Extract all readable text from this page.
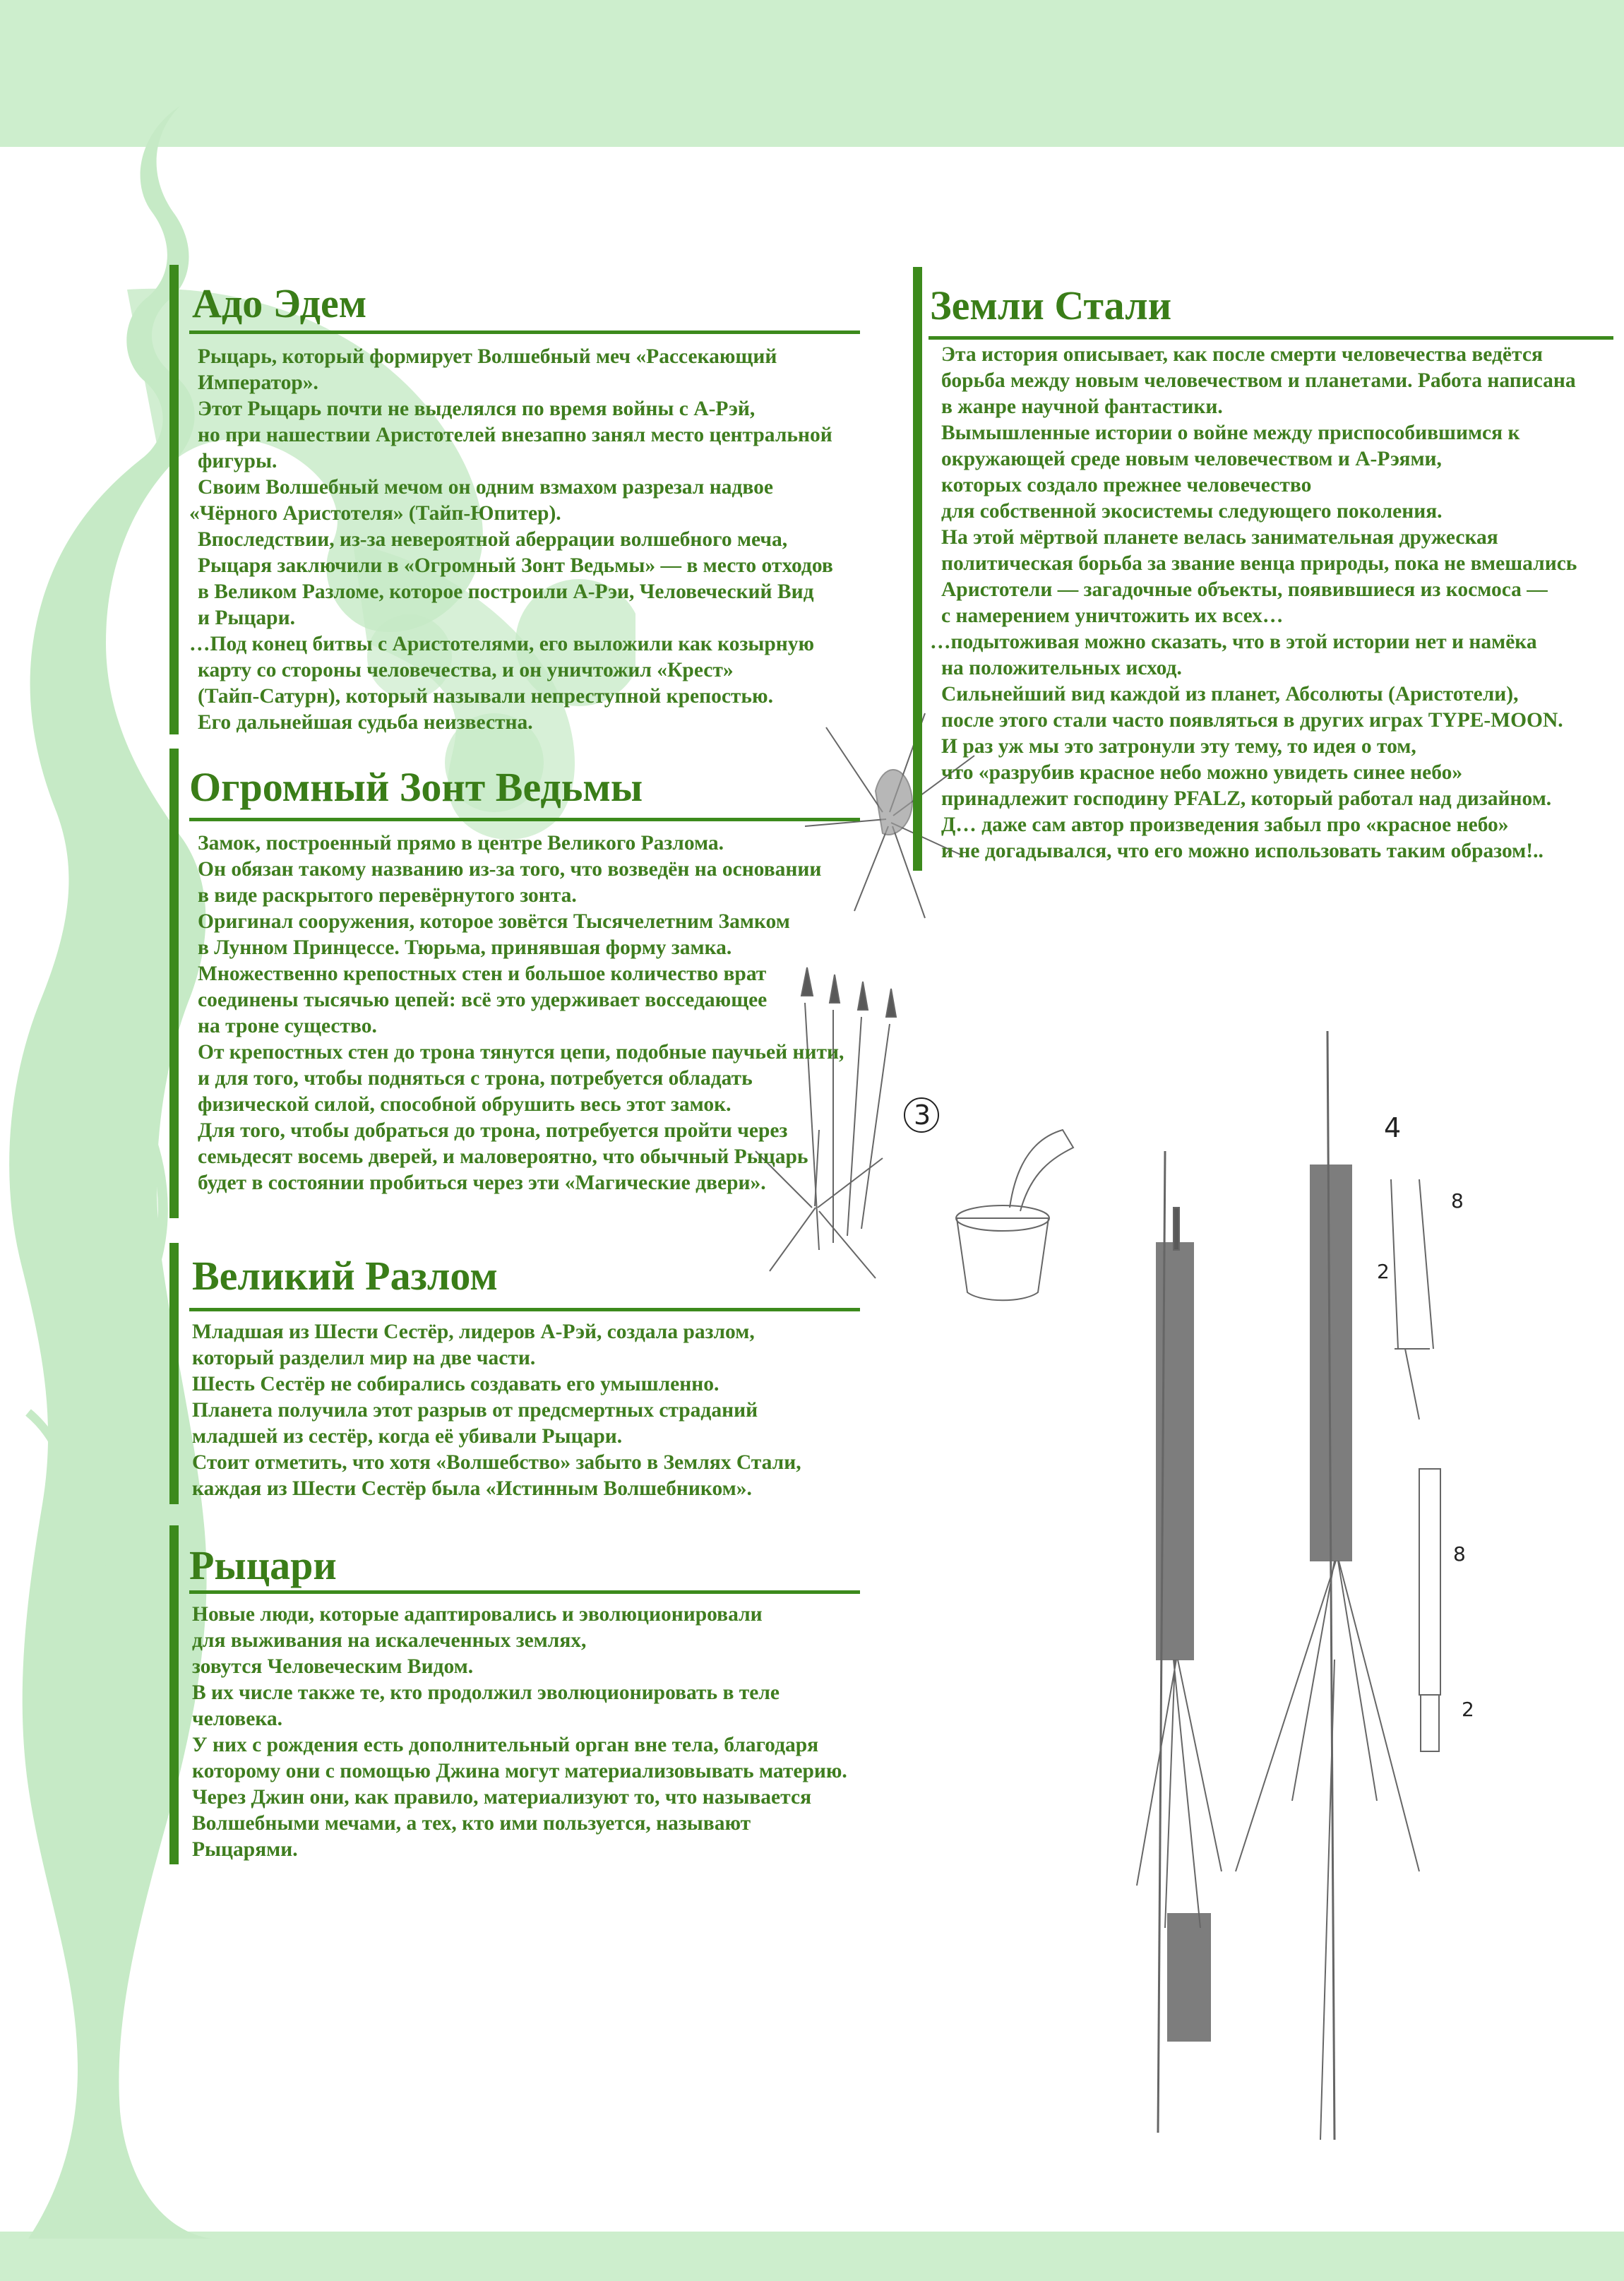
3	4
8
2
8
2
Адо Эдем
Рыцарь, который формирует Волшебный меч «Рассекающий
Император».
Этот Рыцарь почти не выделялся по время войны с А-Рэй,
но при нашествии Аристотелей внезапно занял место центральной
фигуры.
Своим Волшебный мечом он одним взмахом разрезал надвое
«Чёрного Аристотеля» (Тайп-Юпитер).
Впоследствии, из-за невероятной аберрации волшебного меча,
Рыцаря заключили в «Огромный Зонт Ведьмы» — в место отходов
в Великом Разломе, которое построили А-Рэи, Человеческий Вид
и Рыцари.
…Под конец битвы с Аристотелями, его выложили как козырную
карту со стороны человечества, и он уничтожил «Крест»
(Тайп-Сатурн), который называли непреступной крепостью.
Его дальнейшая судьба неизвестна.
Огромный Зонт Ведьмы
Замок, построенный прямо в центре Великого Разлома.
Он обязан такому названию из-за того, что возведён на основании
в виде раскрытого перевёрнутого зонта.
Оригинал сооружения, которое зовётся Тысячелетним Замком
в Лунном Принцессе. Тюрьма, принявшая форму замка.
Множественно крепостных стен и большое количество врат
соединены тысячью цепей: всё это удерживает восседающее
на троне существо.
От крепостных стен до трона тянутся цепи, подобные паучьей нити,
и для того, чтобы подняться с трона, потребуется обладать
физической силой, способной обрушить весь этот замок.
Для того, чтобы добраться до трона, потребуется пройти через
семьдесят восемь дверей, и маловероятно, что обычный Рыцарь
будет в состоянии пробиться через эти «Магические двери».
Великий Разлом
Младшая из Шести Сестёр, лидеров А-Рэй, создала разлом,
который разделил мир на две части.
Шесть Сестёр не собирались создавать его умышленно.
Планета получила этот разрыв от предсмертных страданий
младшей из сестёр, когда её убивали Рыцари.
Стоит отметить, что хотя «Волшебство» забыто в Землях Стали,
каждая из Шести Сестёр была «Истинным Волшебником».
Рыцари
Новые люди, которые адаптировались и эволюционировали
для выживания на искалеченных землях,
зовутся Человеческим Видом.
В их числе также те, кто продолжил эволюционировать в теле
человека.
У них с рождения есть дополнительный орган вне тела, благодаря
которому они с помощью Джина могут материализовывать материю.
Через Джин они, как правило, материализуют то, что называется
Волшебными мечами, а тех, кто ими пользуется, называют
Рыцарями.
Земли Стали
Эта история описывает, как после смерти человечества ведётся
борьба между новым человечеством и планетами. Работа написана
в жанре научной фантастики.
Вымышленные истории о войне между приспособившимся к
окружающей среде новым человечеством и А-Рэями,
которых создало прежнее человечество
для собственной экосистемы следующего поколения.
На этой мёртвой планете велась занимательная дружеская
политическая борьба за звание венца природы, пока не вмешались
Аристотели — загадочные объекты, появившиеся из космоса —
с намерением уничтожить их всех…
…подытоживая можно сказать, что в этой истории нет и намёка
на положительных исход.
Сильнейший вид каждой из планет, Абсолюты (Аристотели),
после этого стали часто появляться в других играх TYPE-MOON.
И раз уж мы это затронули эту тему, то идея о том,
что «разрубив красное небо можно увидеть синее небо»
принадлежит господину PFALZ, который работал над дизайном.
Д… даже сам автор произведения забыл про «красное небо»
и не догадывался, что его можно использовать таким образом!..
